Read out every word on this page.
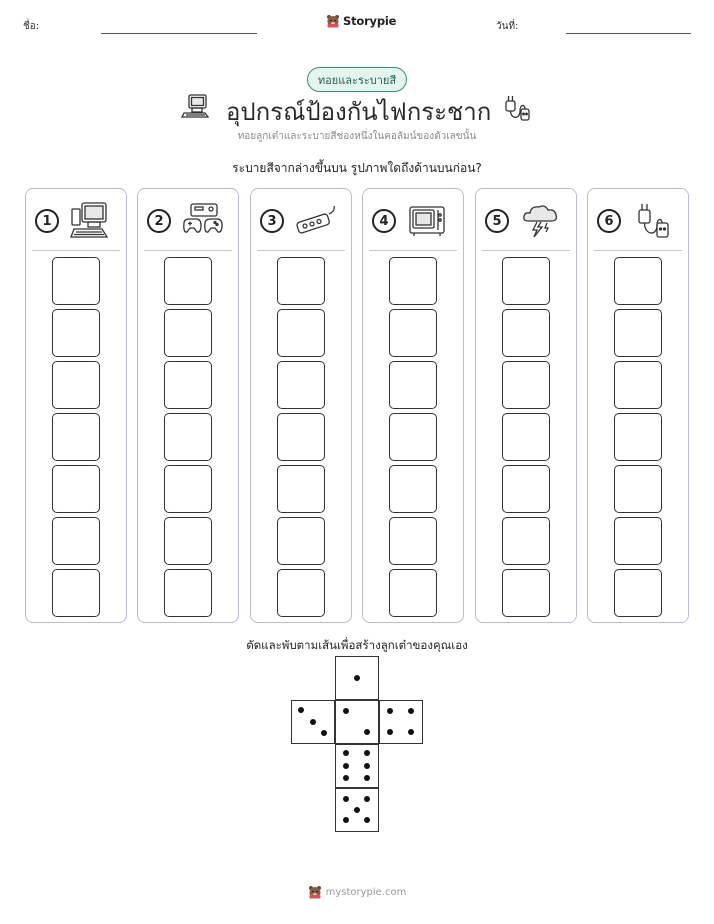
ชื่อ:	วันที่:
Storypie
ทอยและระบายสี
อุปกรณ์ป้องกันไฟกระชาก
ทอยลูกเต๋าและระบายสีช่องหนึ่งในคอลัมน์ของตัวเลขนั้น
ระบายสีจากล่างขึ้นบน รูปภาพใดถึงด้านบนก่อน?
1	2	3	4	5	6
ตัดและพับตามเส้นเพื่อสร้างลูกเต๋าของคุณเอง
mystorypie.com
